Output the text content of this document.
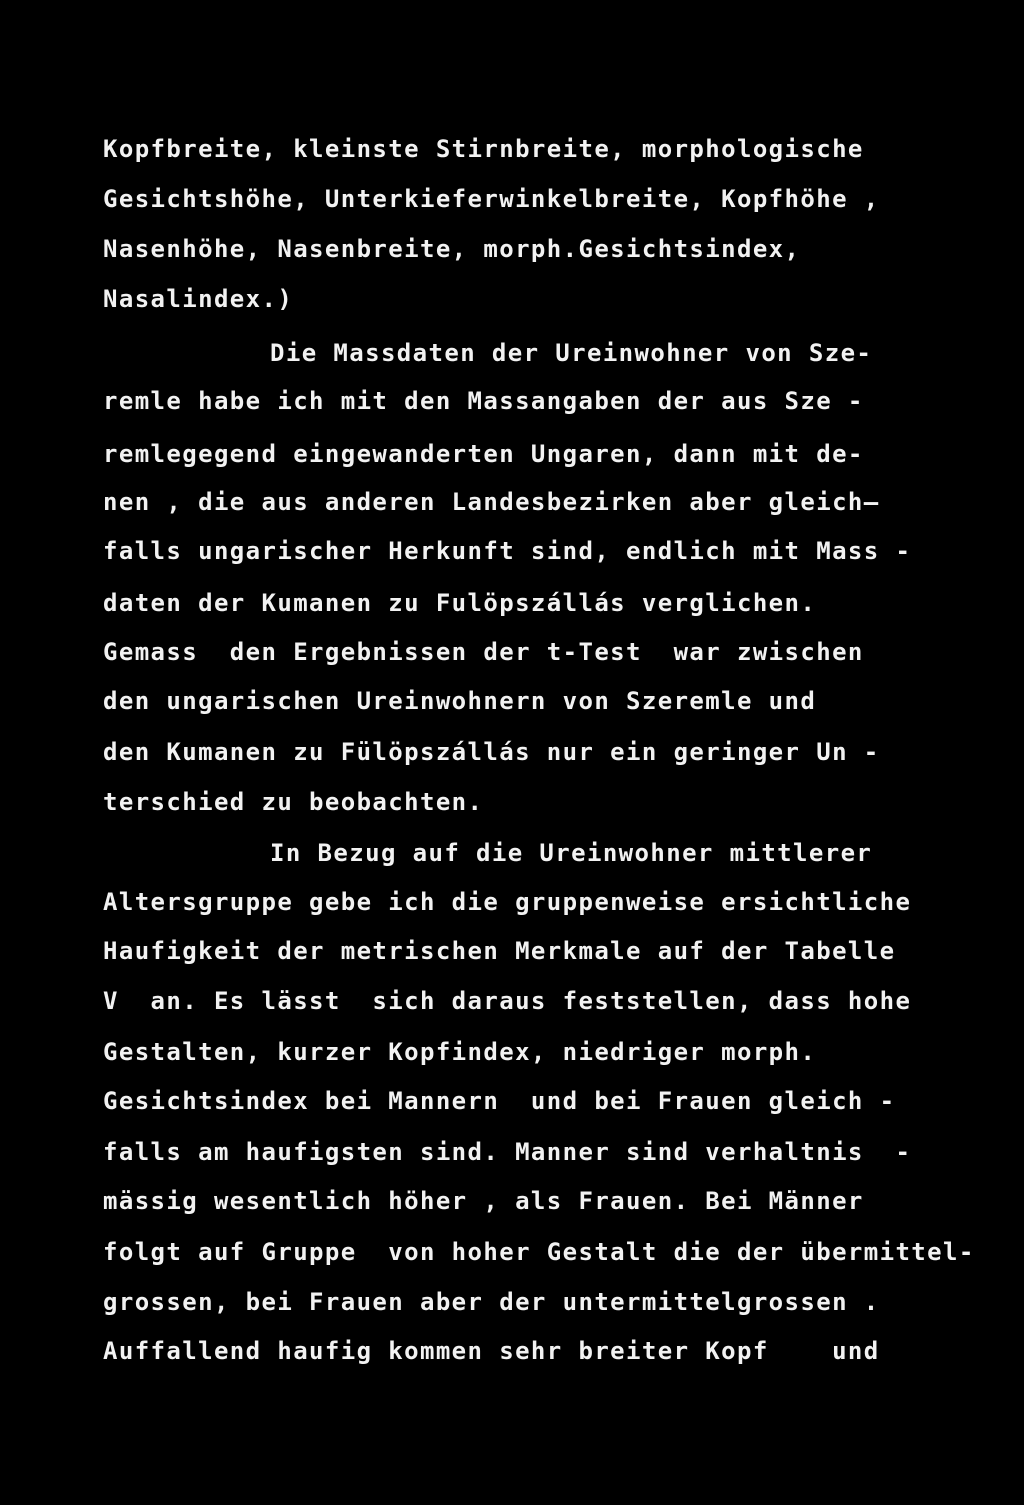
Kopfbreite, kleinste Stirnbreite, morphologische
Gesichtshöhe, Unterkieferwinkelbreite, Kopfhöhe ,
Nasenhöhe, Nasenbreite, morph.Gesichtsindex,
Nasalindex.)
Die Massdaten der Ureinwohner von Sze-
remle habe ich mit den Massangaben der aus Sze -
remlegegend eingewanderten Ungaren, dann mit de-
nen , die aus anderen Landesbezirken aber gleich—
falls ungarischer Herkunft sind, endlich mit Mass -
daten der Kumanen zu Fulöpszállás verglichen.
Gemass  den Ergebnissen der t-Test  war zwischen
den ungarischen Ureinwohnern von Szeremle und
den Kumanen zu Fülöpszállás nur ein geringer Un -
terschied zu beobachten.
In Bezug auf die Ureinwohner mittlerer
Altersgruppe gebe ich die gruppenweise ersichtliche
Haufigkeit der metrischen Merkmale auf der Tabelle
V  an. Es lässt  sich daraus feststellen, dass hohe
Gestalten, kurzer Kopfindex, niedriger morph.
Gesichtsindex bei Mannern  und bei Frauen gleich -
falls am haufigsten sind. Manner sind verhaltnis  -
mässig wesentlich höher , als Frauen. Bei Männer
folgt auf Gruppe  von hoher Gestalt die der übermittel-
grossen, bei Frauen aber der untermittelgrossen .
Auffallend haufig kommen sehr breiter Kopf    und
